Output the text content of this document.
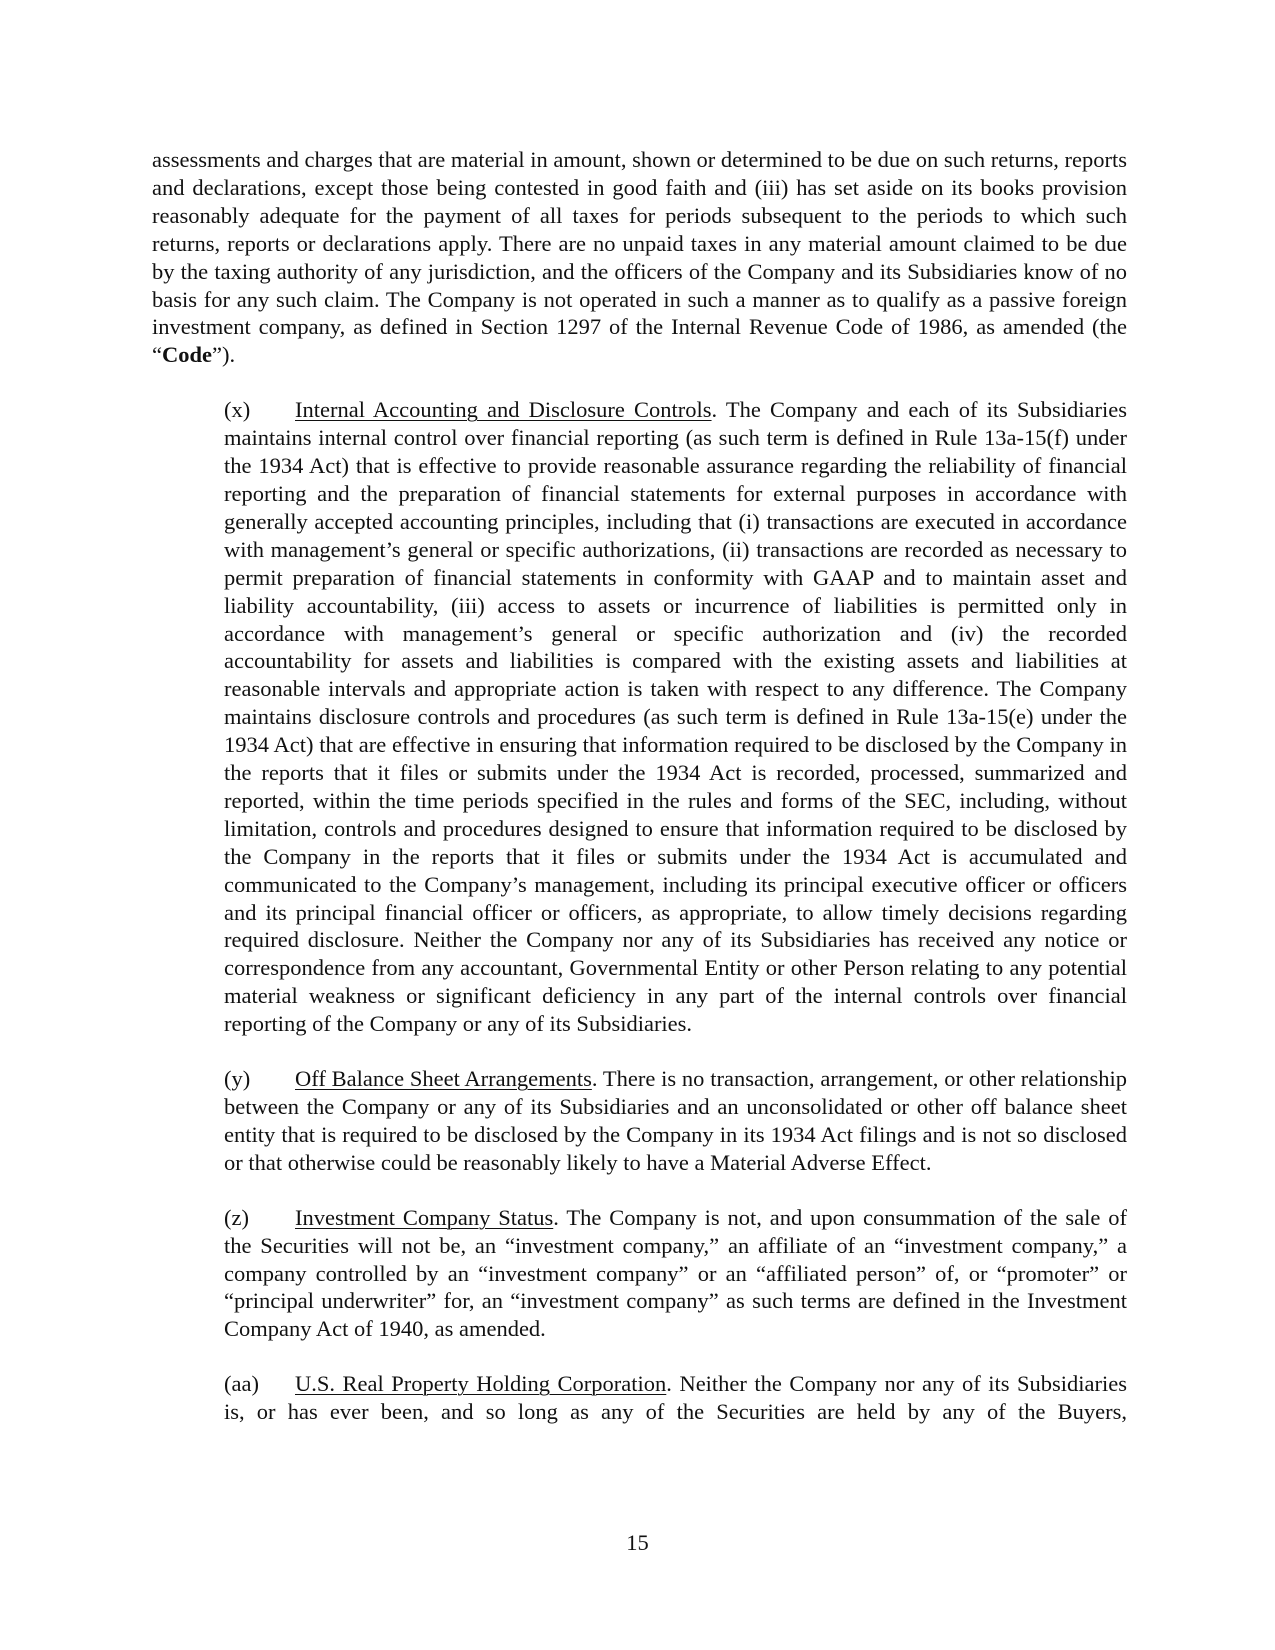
assessments and charges that are material in amount, shown or determined to be due on such returns, reports and declarations, except those being contested in good faith and (iii) has set aside on its books provision reasonably adequate for the payment of all taxes for periods subsequent to the periods to which such returns, reports or declarations apply. There are no unpaid taxes in any material amount claimed to be due by the taxing authority of any jurisdiction, and the officers of the Company and its Subsidiaries know of no basis for any such claim. The Company is not operated in such a manner as to qualify as a passive foreign investment company, as defined in Section 1297 of the Internal Revenue Code of 1986, as amended (the “Code”).

(x) Internal Accounting and Disclosure Controls. The Company and each of its Subsidiaries maintains internal control over financial reporting (as such term is defined in Rule 13a-15(f) under the 1934 Act) that is effective to provide reasonable assurance regarding the reliability of financial reporting and the preparation of financial statements for external purposes in accordance with generally accepted accounting principles, including that (i) transactions are executed in accordance with management’s general or specific authorizations, (ii) transactions are recorded as necessary to permit preparation of financial statements in conformity with GAAP and to maintain asset and liability accountability, (iii) access to assets or incurrence of liabilities is permitted only in accordance with management’s general or specific authorization and (iv) the recorded accountability for assets and liabilities is compared with the existing assets and liabilities at reasonable intervals and appropriate action is taken with respect to any difference. The Company maintains disclosure controls and procedures (as such term is defined in Rule 13a-15(e) under the 1934 Act) that are effective in ensuring that information required to be disclosed by the Company in the reports that it files or submits under the 1934 Act is recorded, processed, summarized and reported, within the time periods specified in the rules and forms of the SEC, including, without limitation, controls and procedures designed to ensure that information required to be disclosed by the Company in the reports that it files or submits under the 1934 Act is accumulated and communicated to the Company’s management, including its principal executive officer or officers and its principal financial officer or officers, as appropriate, to allow timely decisions regarding required disclosure. Neither the Company nor any of its Subsidiaries has received any notice or correspondence from any accountant, Governmental Entity or other Person relating to any potential material weakness or significant deficiency in any part of the internal controls over financial reporting of the Company or any of its Subsidiaries.

(y) Off Balance Sheet Arrangements. There is no transaction, arrangement, or other relationship between the Company or any of its Subsidiaries and an unconsolidated or other off balance sheet entity that is required to be disclosed by the Company in its 1934 Act filings and is not so disclosed or that otherwise could be reasonably likely to have a Material Adverse Effect.

(z) Investment Company Status. The Company is not, and upon consummation of the sale of the Securities will not be, an “investment company,” an affiliate of an “investment company,” a company controlled by an “investment company” or an “affiliated person” of, or “promoter” or “principal underwriter” for, an “investment company” as such terms are defined in the Investment Company Act of 1940, as amended.

(aa) U.S. Real Property Holding Corporation. Neither the Company nor any of its Subsidiaries is, or has ever been, and so long as any of the Securities are held by any of the Buyers,

15
